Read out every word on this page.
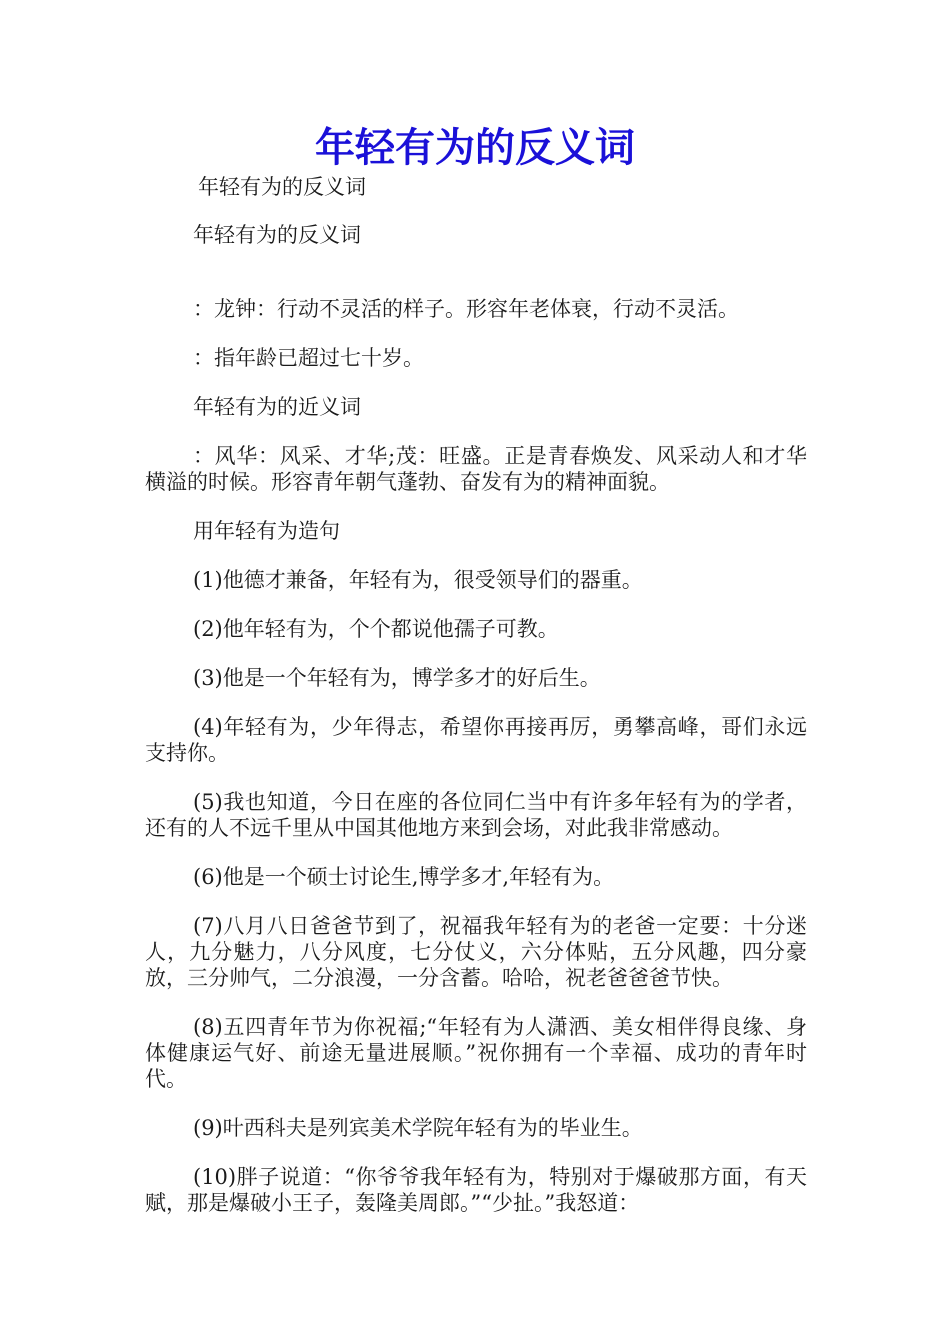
年轻有为的反义词

年轻有为的反义词

年轻有为的反义词

：龙钟：行动不灵活的样子。形容年老体衰，行动不灵活。

：指年龄已超过七十岁。

年轻有为的近义词

：风华：风采、才华;茂：旺盛。正是青春焕发、风采动人和才华横溢的时候。形容青年朝气蓬勃、奋发有为的精神面貌。

用年轻有为造句

(1)他德才兼备，年轻有为，很受领导们的器重。

(2)他年轻有为，个个都说他孺子可教。

(3)他是一个年轻有为，博学多才的好后生。

(4)年轻有为，少年得志，希望你再接再厉，勇攀高峰，哥们永远支持你。

(5)我也知道，今日在座的各位同仁当中有许多年轻有为的学者，还有的人不远千里从中国其他地方来到会场，对此我非常感动。

(6)他是一个硕士讨论生,博学多才,年轻有为。

(7)八月八日爸爸节到了，祝福我年轻有为的老爸一定要：十分迷人，九分魅力，八分风度，七分仗义，六分体贴，五分风趣，四分豪放，三分帅气，二分浪漫，一分含蓄。哈哈，祝老爸爸爸节快。

(8)五四青年节为你祝福;“年轻有为人潇洒、美女相伴得良缘、身体健康运气好、前途无量进展顺。”祝你拥有一个幸福、成功的青年时代。

(9)叶西科夫是列宾美术学院年轻有为的毕业生。

(10)胖子说道：“你爷爷我年轻有为，特别对于爆破那方面，有天赋，那是爆破小王子，轰隆美周郎。”“少扯。”我怒道：
